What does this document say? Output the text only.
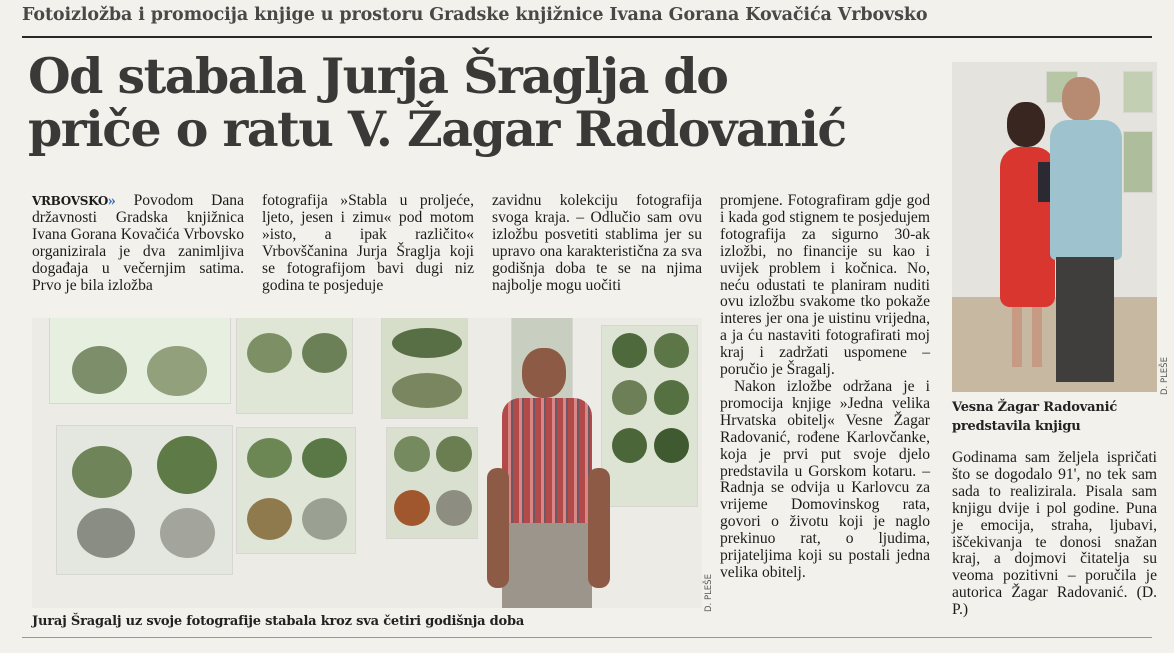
Fotoizložba i promocija knjige u prostoru Gradske knjižnice Ivana Gorana Kovačića Vrbovsko
Od stabala Jurja Šraglja do
priče o ratu V. Žagar Radovanić

VRBOVSKO» Povodom Dana državnosti Gradska knjižnica Ivana Gorana Kovačića Vrbovsko organizirala je dva zanimljiva događaja u večernjim satima. Prvo je bila izložba

fotografija »Stabla u proljeće, ljeto, jesen i zimu« pod motom »isto, a ipak različito« Vrbovščanina Jurja Šraglja koji se fotografijom bavi dugi niz godina te posjeduje

zavidnu kolekciju fotografija svoga kraja. – Odlučio sam ovu izložbu posvetiti stablima jer su upravo ona karakteristična za sva godišnja doba te se na njima najbolje mogu uočiti

promjene. Fotografiram gdje god i kada god stignem te posjedujem fotografija za sigurno 30-ak izložbi, no financije su kao i uvijek problem i kočnica. No, neću odustati te planiram nuditi ovu izložbu svakome tko pokaže interes jer ona je uistinu vrijedna, a ja ću nastaviti fotografirati moj kraj i zadržati uspomene – poručio je Šragalj.

Nakon izložbe održana je i promocija knjige »Jedna velika Hrvatska obitelj« Vesne Žagar Radovanić, rođene Karlovčanke, koja je prvi put svoje djelo predstavila u Gorskom kotaru. – Radnja se odvija u Karlovcu za vrijeme Domovinskog rata, govori o životu koji je naglo prekinuo rat, o ljudima, prijateljima koji su postali jedna velika obitelj.

Godinama sam željela ispričati što se dogodalo 91', no tek sam sada to realizirala. Pisala sam knjigu dvije i pol godine. Puna je emocija, straha, ljubavi, iščekivanja te donosi snažan kraj, a dojmovi čitatelja su veoma pozitivni – poručila je autorica Žagar Radovanić. (D. P.)

D. PLEŠE
Juraj Šragalj uz svoje fotografije stabala kroz sva četiri godišnja doba
D. PLEŠE
Vesna Žagar Radovanić
predstavila knjigu
